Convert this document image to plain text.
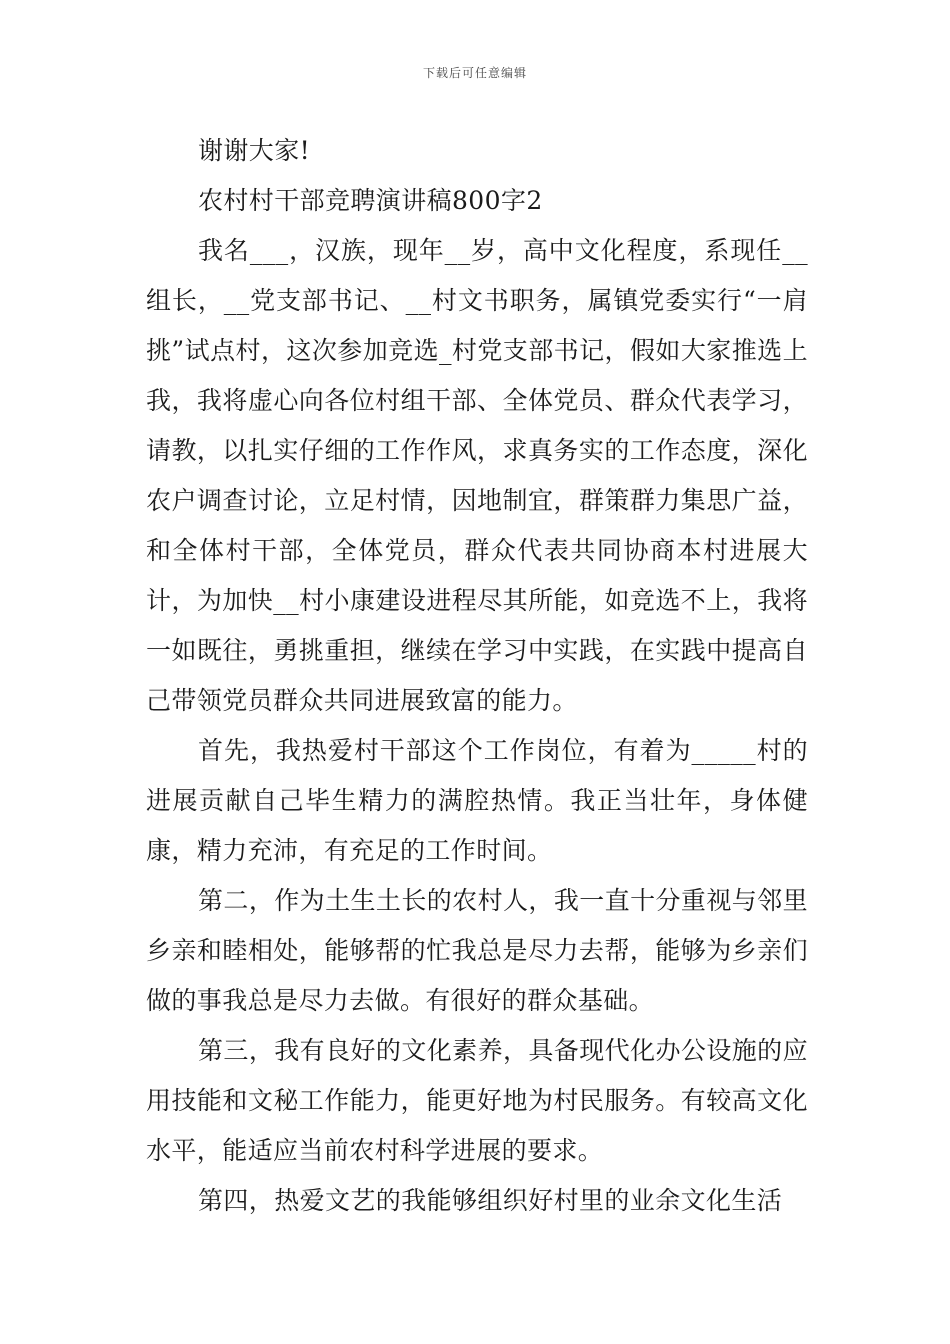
下载后可任意编辑
谢谢大家!
农村村干部竞聘演讲稿800字2

我名___，汉族，现年__岁，高中文化程度，系现任__组长，__党支部书记、__村文书职务，属镇党委实行“一肩挑”试点村，这次参加竞选_村党支部书记，假如大家推选上我，我将虚心向各位村组干部、全体党员、群众代表学习，请教，以扎实仔细的工作作风，求真务实的工作态度，深化农户调查讨论，立足村情，因地制宜，群策群力集思广益，和全体村干部，全体党员，群众代表共同协商本村进展大计，为加快__村小康建设进程尽其所能，如竞选不上，我将一如既往，勇挑重担，继续在学习中实践，在实践中提高自己带领党员群众共同进展致富的能力。

首先，我热爱村干部这个工作岗位，有着为_____村的进展贡献自己毕生精力的满腔热情。我正当壮年，身体健康，精力充沛，有充足的工作时间。

第二，作为土生土长的农村人，我一直十分重视与邻里乡亲和睦相处，能够帮的忙我总是尽力去帮，能够为乡亲们做的事我总是尽力去做。有很好的群众基础。

第三，我有良好的文化素养，具备现代化办公设施的应用技能和文秘工作能力，能更好地为村民服务。有较高文化水平，能适应当前农村科学进展的要求。

第四，热爱文艺的我能够组织好村里的业余文化生活
